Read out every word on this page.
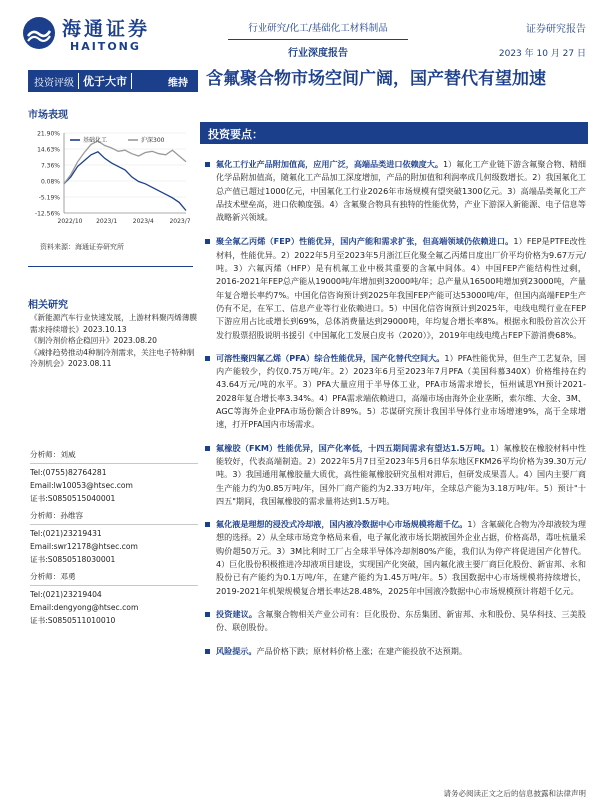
海通证券
HAITONG
行业研究/化工/基础化工材料制品
行业深度报告
证券研究报告
2023 年 10 月 27 日
投资评级 优于大市	维持	含氟聚合物市场空间广阔，国产替代有望加速
市场表现
21.90%
14.63%
7.36%
0.08%
-5.19%
-12.56%
2022/10 2023/1	2023/4	2023/7
基础化工	沪深300
资料来源：海通证券研究所
相关研究
《新能源汽车行业快速发展，上游材料聚丙烯薄膜需求持续增长》2023.10.13
《制冷剂价格企稳回升》2023.08.20
《减排趋势推动4种制冷剂需求，关注电子特种制冷剂机会》2023.08.11
分析师：刘威
Tel:(0755)82764281
Email:lw10053@htsec.com
证书:S0850515040001
分析师：孙维容
Tel:(021)23219431
Email:swr12178@htsec.com
证书:S0850518030001
分析师：邓勇
Tel:(021)23219404
Email:dengyong@htsec.com
证书:S0850511010010
投资要点：

氟化工行业产品附加值高，应用广泛，高端品类进口依赖度大。1）氟化工产业链下游含氟聚合物、精细化学品附加值高，随氟化工产品加工深度增加，产品的附加值和利润率成几何级数增长。2）我国氟化工总产值已超过1000亿元，中国氟化工行业2026年市场规模有望突破1300亿元。3）高端品类氟化工产品技术壁垒高，进口依赖度强。4）含氟聚合物具有独特的性能优势，产业下游深入新能源、电子信息等战略新兴领域。

聚全氟乙丙烯（FEP）性能优异，国内产能和需求扩张，但高端领域仍依赖进口。1）FEP是PTFE改性材料，性能优异。2）2022年5月至2023年5月浙江巨化聚全氟乙丙烯日度出厂价平均价格为9.67万元/吨。3）六氟丙烯（HFP）是有机氟工业中极其重要的含氟中间体。4）中国FEP产能结构性过剩，2016-2021年FEP总产能从19000吨/年增加到32000吨/年；总产量从16500吨增加到23000吨，产量年复合增长率约7%。中国化信咨询预计到2025年我国FEP产能可达53000吨/年，但国内高端FEP生产仍有不足，在军工、信息产业等行业依赖进口。5）中国化信咨询预计到2025年，电线电缆行业在FEP下游应用占比或增长到69%，总体消费量达到29000吨，年均复合增长率8%。根据永和股份首次公开发行股票招股说明书援引《中国氟化工发展白皮书（2020）》，2019年电线电缆占FEP下游消费68%。

可溶性聚四氟乙烯（PFA）综合性能优异，国产化替代空间大。1）PFA性能优异，但生产工艺复杂，国内产能较少，约仅0.75万吨/年。2）2023年6月至2023年7月PFA（美国科慕340X）价格维持在约43.64万元/吨的水平。3）PFA大量应用于半导体工业，PFA市场需求增长，恒州诚思YH预计2021-2028年复合增长率3.34%。4）PFA需求端依赖进口，高端市场由海外企业垄断，索尔维、大金、3M、AGC等海外企业PFA市场份额合计89%。5）芯谋研究预计我国半导体行业市场增速9%，高于全球增速，打开PFA国内市场需求。

氟橡胶（FKM）性能优异，国产化率低，十四五期间需求有望达1.5万吨。1）氟橡胶在橡胶材料中性能较好，代表高端制造。2）2022年5月7日至2023年5月6日华东地区FKM26平均价格为39.30万元/吨。3）我国通用氟橡胶量大质优，高性能氟橡胶研究虽相对滞后，但研发成果喜人。4）国内主要厂商生产能力约为0.85万吨/年，国外厂商产能约为2.33万吨/年，全球总产能为3.18万吨/年。5）预计"十四五"期间，我国氟橡胶的需求量将达到1.5万吨。

氟化液是理想的浸没式冷却液，国内液冷数据中心市场规模将超千亿。1）含氟碳化合物为冷却液较为理想的选择。2）从全球市场竞争格局来看，电子氟化液市场长期被国外企业占据，价格高昂，毒吐杭量采购价超50万元。3）3M比利时工厂占全球半导体冷却剂80%产能，我们认为停产将促进国产化替代。4）巨化股份积极推进冷却液项目建设，实现国产化突破，国内氟化液主要厂商巨化股份、新宙邦、永和股份已有产能约为0.1万吨/年，在建产能约为1.45万吨/年。5）我国数据中心市场规模将持续增长，2019-2021年机架规模复合增长率达28.48%，2025年中国液冷数据中心市场规模预计将超千亿元。

投资建议。含氟聚合物相关产业公司有：巨化股份、东岳集团、新宙邦、永和股份、昊华科技、三美股份、联创股份。

风险提示。产品价格下跌；原材料价格上涨；在建产能投放不达预期。

请务必阅读正文之后的信息披露和法律声明
